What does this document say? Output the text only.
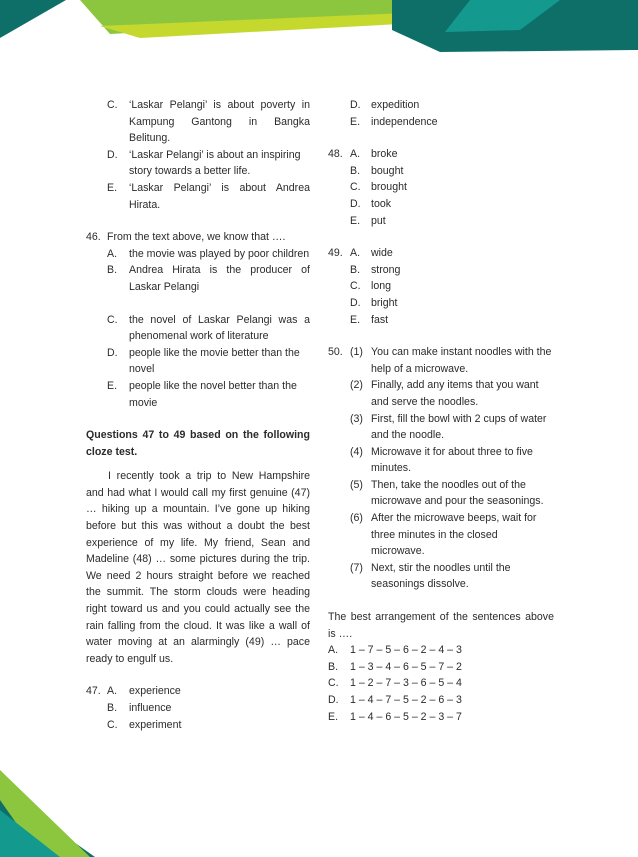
C.	‘Laskar Pelangi’ is about poverty in Kampung Gantong in Bangka Belitung.
D.	‘Laskar Pelangi’ is about an inspiring story towards a better life.
E.	‘Laskar Pelangi’ is about Andrea Hirata.
46. From the text above, we know that ….
A.	the movie was played by poor children
B.	Andrea Hirata is the producer of Laskar Pelangi
C.	the novel of Laskar Pelangi was a phenomenal work of literature
D.	people like the movie better than the novel
E.	people like the novel better than the movie
Questions 47 to 49 based on the following cloze test.
I recently took a trip to New Hampshire and had what I would call my first genuine (47) … hiking up a mountain. I’ve gone up hiking before but this was without a doubt the best experience of my life. My friend, Sean and Madeline (48) … some pictures during the trip. We need 2 hours straight before we reached the summit. The storm clouds were heading right toward us and you could actually see the rain falling from the cloud. It was like a wall of water moving at an alarmingly (49) … pace ready to engulf us.
47. A.	experience
B.	influence
C.	experiment
D. expedition
E.	independence
48. A.	broke
B.	bought
C. brought
D. took
E.	put
49. A.	wide
B.	strong
C. long
D. bright
E.	fast
50. (1) You can make instant noodles with the help of a microwave.
(2) Finally, add any items that you want and serve the noodles.
(3) First, fill the bowl with 2 cups of water and the noodle.
(4) Microwave it for about three to five minutes.
(5) Then, take the noodles out of the microwave and pour the seasonings.
(6) After the microwave beeps, wait for three minutes in the closed microwave.
(7) Next, stir the noodles until the seasonings dissolve.
The best arrangement of the sentences above is ….
A.	1 – 7 – 5 – 6 – 2 – 4 – 3
B.	1 – 3 – 4 – 6 – 5 – 7 – 2
C.	1 – 2 – 7 – 3 – 6 – 5 – 4
D.	1 – 4 – 7 – 5 – 2 – 6 – 3
E.	1 – 4 – 6 – 5 – 2 – 3 – 7
